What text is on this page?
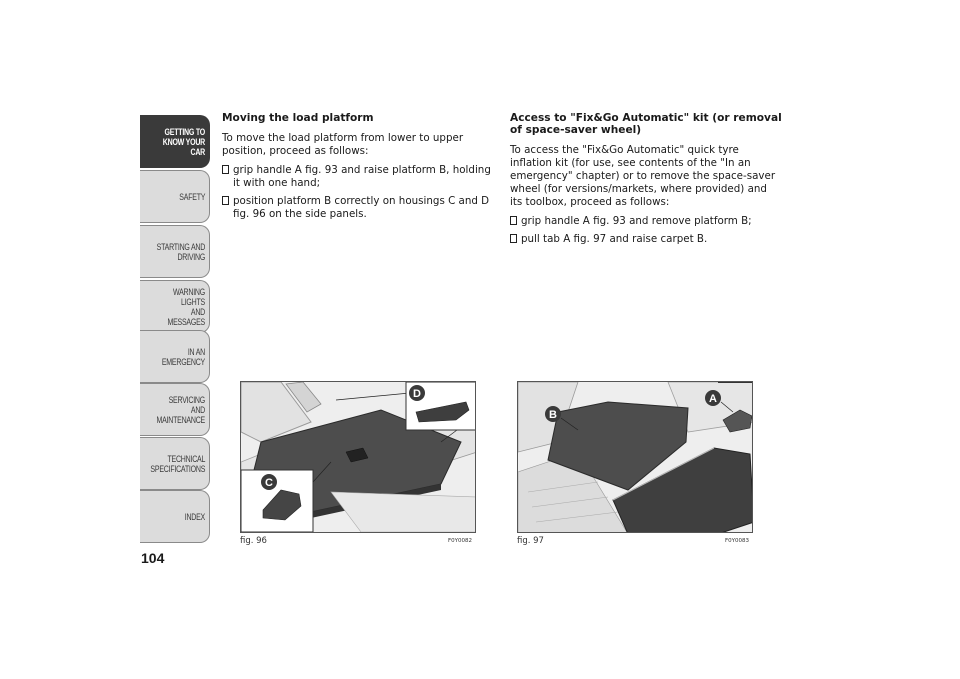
GETTING TO
KNOW YOUR CAR
SAFETY
STARTING AND
DRIVING
WARNING LIGHTS
AND MESSAGES
IN AN EMERGENCY
SERVICING AND
MAINTENANCE
TECHNICAL
SPECIFICATIONS
INDEX
104
Moving the load platform

To move the load platform from lower to upper position, proceed as follows:

grip handle A fig. 93 and raise platform B, holding it with one hand;
position platform B correctly on housings C and D fig. 96 on the side panels.
Access to "Fix&Go Automatic" kit (or removal of space-saver wheel)

To access the "Fix&Go Automatic" quick tyre inflation kit (for use, see contents of the "In an emergency" chapter) or to remove the space-saver wheel (for versions/markets, where provided) and its toolbox, proceed as follows:

grip handle A fig. 93 and remove platform B;
pull tab A fig. 97 and raise carpet B.
D
C
fig. 96	F0Y0082
A
B
fig. 97	F0Y0083
